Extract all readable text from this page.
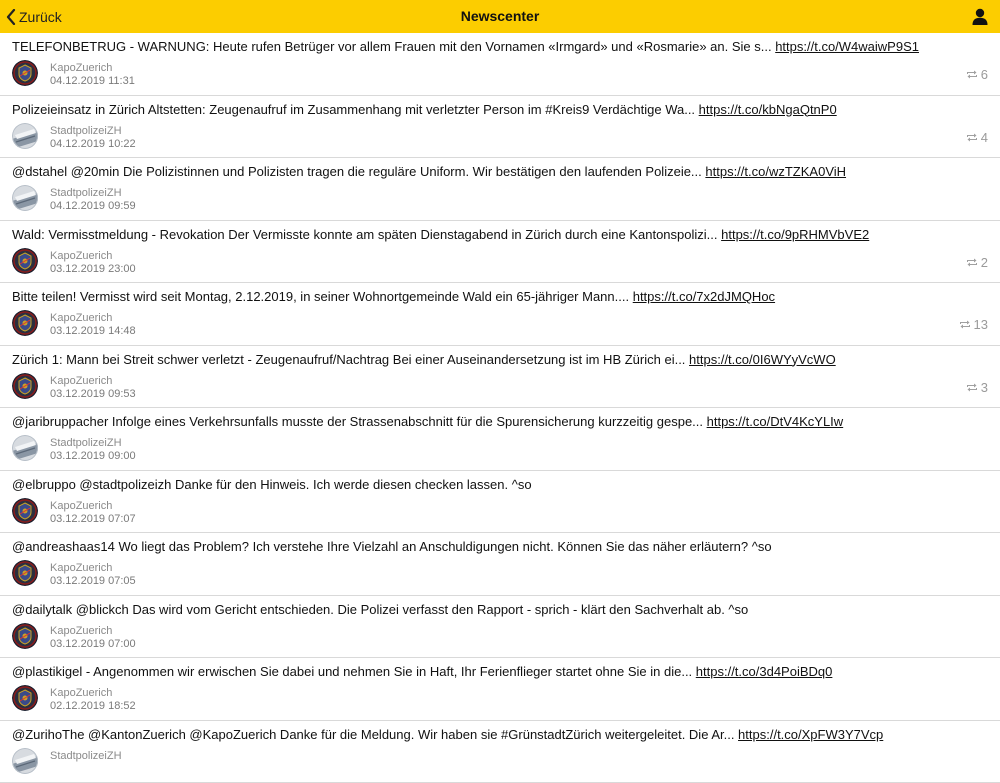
Zurück	Newscenter
TELEFONBETRUG - WARNUNG: Heute rufen Betrüger vor allem Frauen mit den Vornamen «Irmgard» und «Rosmarie» an. Sie s... https://t.co/W4waiwP9S1
KapoZuerich
04.12.2019 11:31	6
Polizeieinsatz in Zürich Altstetten: Zeugenaufruf im Zusammenhang mit verletzter Person im #Kreis9 Verdächtige Wa... https://t.co/kbNgaQtnP0
StadtpolizeiZH
04.12.2019 10:22	4
@dstahel @20min Die Polizistinnen und Polizisten tragen die reguläre Uniform. Wir bestätigen den laufenden Polizeie... https://t.co/wzTZKA0ViH
StadtpolizeiZH
04.12.2019 09:59
Wald: Vermisstmeldung - Revokation Der Vermisste konnte am späten Dienstagabend in Zürich durch eine Kantonspolizi... https://t.co/9pRHMVbVE2
KapoZuerich
03.12.2019 23:00	2
Bitte teilen! Vermisst wird seit Montag, 2.12.2019, in seiner Wohnortgemeinde Wald ein 65-jähriger Mann.... https://t.co/7x2dJMQHoc
KapoZuerich
03.12.2019 14:48	13
Zürich 1: Mann bei Streit schwer verletzt - Zeugenaufruf/Nachtrag Bei einer Auseinandersetzung ist im HB Zürich ei... https://t.co/0I6WYyVcWO
KapoZuerich
03.12.2019 09:53	3
@jaribruppacher Infolge eines Verkehrsunfalls musste der Strassenabschnitt für die Spurensicherung kurzzeitig gespe... https://t.co/DtV4KcYLIw
StadtpolizeiZH
03.12.2019 09:00
@elbruppo @stadtpolizeizh Danke für den Hinweis. Ich werde diesen checken lassen. ^so
KapoZuerich
03.12.2019 07:07
@andreashaas14 Wo liegt das Problem? Ich verstehe Ihre Vielzahl an Anschuldigungen nicht. Können Sie das näher erläutern? ^so
KapoZuerich
03.12.2019 07:05
@dailytalk @blickch Das wird vom Gericht entschieden. Die Polizei verfasst den Rapport - sprich - klärt den Sachverhalt ab. ^so
KapoZuerich
03.12.2019 07:00
@plastikigel - Angenommen wir erwischen Sie dabei und nehmen Sie in Haft, Ihr Ferienflieger startet ohne Sie in die... https://t.co/3d4PoiBDq0
KapoZuerich
02.12.2019 18:52
@ZurihoThe @KantonZuerich @KapoZuerich Danke für die Meldung. Wir haben sie #GrünstadtZürich weitergeleitet. Die Ar... https://t.co/XpFW3Y7Vcp
StadtpolizeiZH
